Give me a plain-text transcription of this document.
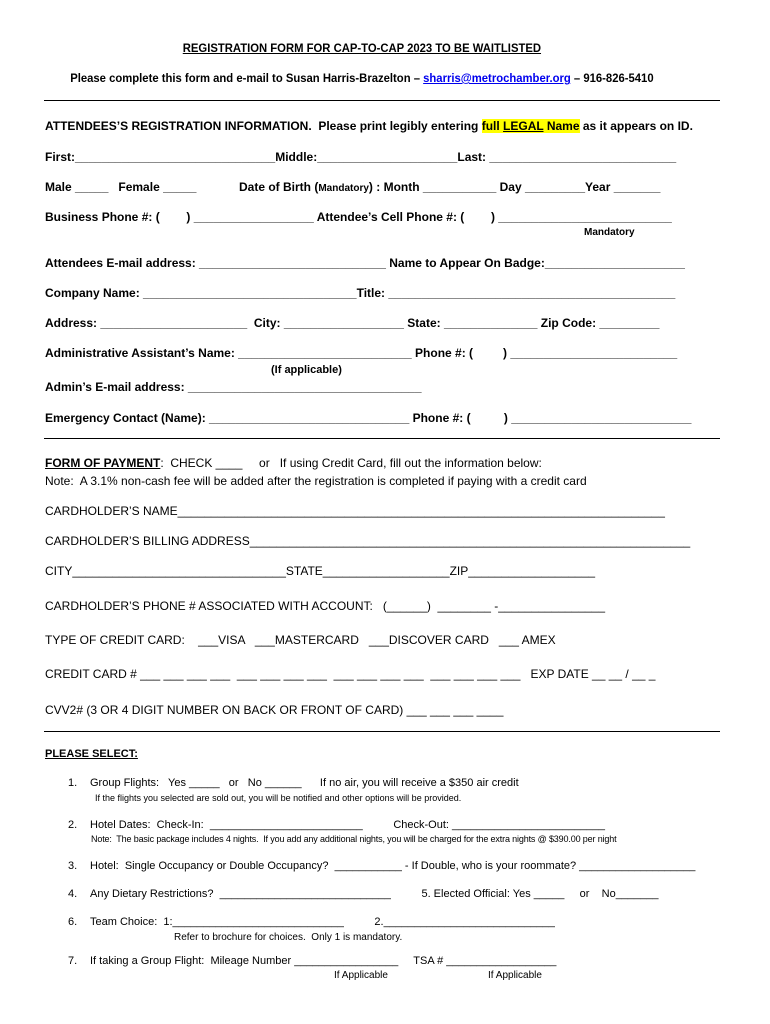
REGISTRATION FORM FOR CAP-TO-CAP 2023 TO BE WAITLISTED
Please complete this form and e-mail to Susan Harris-Brazelton – sharris@metrochamber.org – 916-826-5410
ATTENDEES’S REGISTRATION INFORMATION.  Please print legibly entering full LEGAL Name as it appears on ID.
First:______________________________Middle:_____________________Last: ____________________________
Male _____   Female _____	Date of Birth (Mandatory) : Month ___________ Day _________Year _______
Business Phone #: (        ) __________________ Attendee’s Cell Phone #: (        ) __________________________
Mandatory
Attendees E-mail address: ____________________________ Name to Appear On Badge:_____________________
Company Name: ________________________________Title: ___________________________________________
Address: ______________________  City: __________________ State: ______________ Zip Code: _________
Administrative Assistant’s Name: __________________________ Phone #: (         ) _________________________
(If applicable)
Admin’s E-mail address: ___________________________________
Emergency Contact (Name): ______________________________ Phone #: (          ) ___________________________
FORM OF PAYMENT:  CHECK ____     or   If using Credit Card, fill out the information below:
Note:  A 3.1% non-cash fee will be added after the registration is completed if paying with a credit card
CARDHOLDER’S NAME_________________________________________________________________________
CARDHOLDER’S BILLING ADDRESS__________________________________________________________________
CITY________________________________STATE___________________ZIP___________________
CARDHOLDER’S PHONE # ASSOCIATED WITH ACCOUNT:   (______)  ________ -________________
TYPE OF CREDIT CARD:    ___VISA   ___MASTERCARD   ___DISCOVER CARD   ___ AMEX
CREDIT CARD # ___ ___ ___ ___  ___ ___ ___ ___  ___ ___ ___ ___  ___ ___ ___ ___   EXP DATE __ __ / __ _
CVV2# (3 OR 4 DIGIT NUMBER ON BACK OR FRONT OF CARD) ___ ___ ___ ____
PLEASE SELECT:
1. Group Flights:   Yes _____   or   No ______      If no air, you will receive a $350 air credit
If the flights you selected are sold out, you will be notified and other options will be provided.
2. Hotel Dates:  Check-In:  _________________________          Check-Out: _________________________
Note:  The basic package includes 4 nights.  If you add any additional nights, you will be charged for the extra nights @ $390.00 per night
3. Hotel:  Single Occupancy or Double Occupancy?  ___________ - If Double, who is your roommate? ___________________
4. Any Dietary Restrictions?  ____________________________          5. Elected Official: Yes _____     or    No_______
6. Team Choice:  1:____________________________          2.____________________________
Refer to brochure for choices.  Only 1 is mandatory.
7. If taking a Group Flight:  Mileage Number _________________     TSA # __________________
If Applicable	If Applicable
